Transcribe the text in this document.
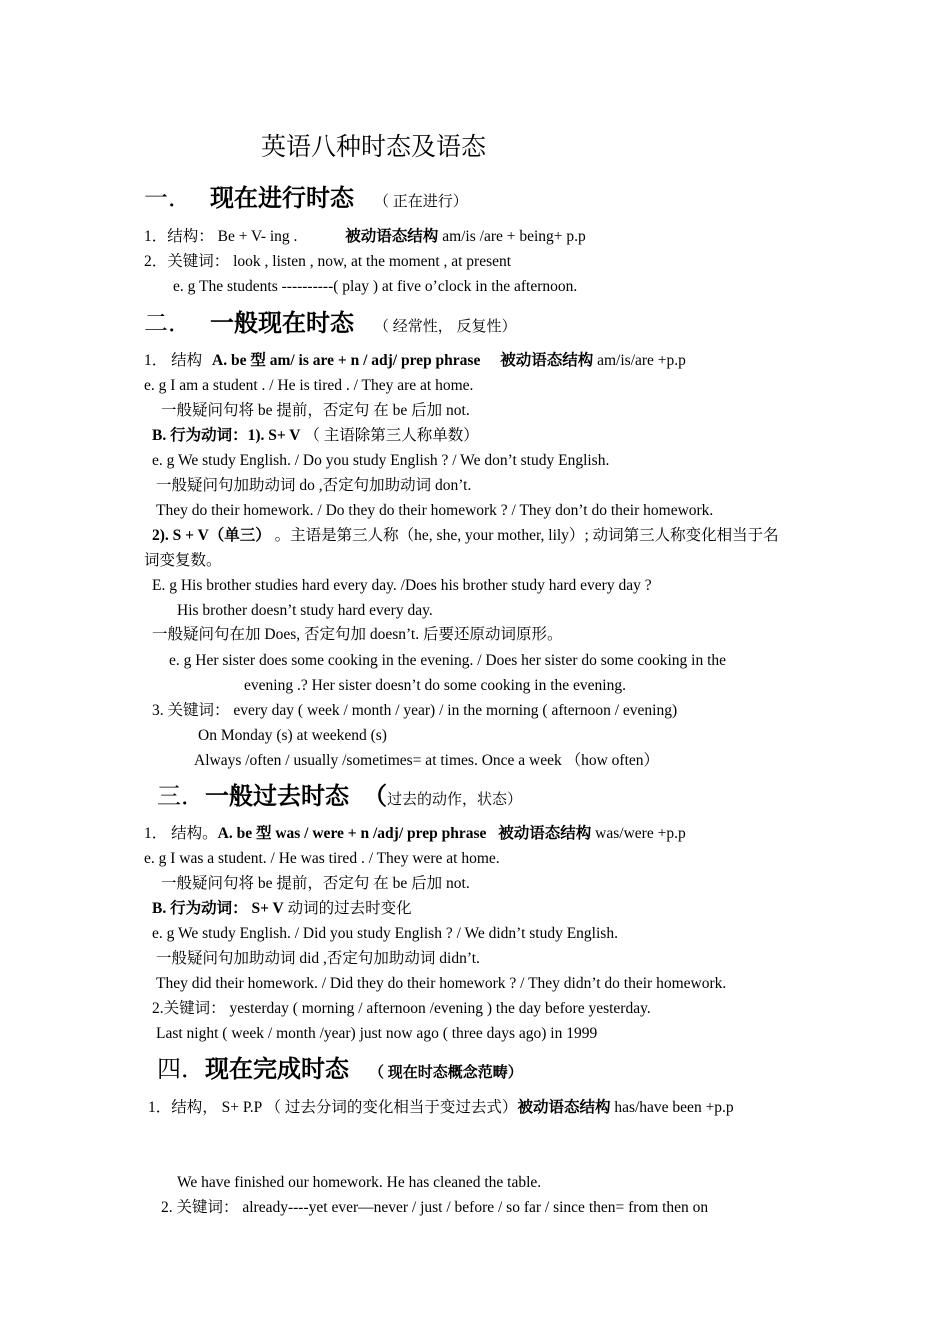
英语八种时态及语态
一． 现在进行时态 （ 正在进行）
1．结构： Be + V- ing .	被动语态结构 am/is /are + being+ p.p
2．关键词： look , listen , now, at the moment , at present
e. g The students ----------( play ) at five o’clock in the afternoon.
二． 一般现在时态 （ 经常性， 反复性）
1． 结构 A. be 型 am/ is are + n / adj/ prep phrase 被动语态结构 am/is/are +p.p
e. g I am a student . / He is tired . / They are at home.
一般疑问句将 be 提前，否定句 在 be 后加 not.
B. 行为动词：1). S+ V （ 主语除第三人称单数）
e. g We study English. / Do you study English ? / We don’t study English.
一般疑问句加助动词 do ,否定句加助动词 don’t.
They do their homework. / Do they do their homework ? / They don’t do their homework.
2). S + V（单三） 。主语是第三人称（he, she, your mother, lily）; 动词第三人称变化相当于名
词变复数。
E. g His brother studies hard every day. /Does his brother study hard every day ?
His brother doesn’t study hard every day.
一般疑问句在加 Does, 否定句加 doesn’t. 后要还原动词原形。
e. g Her sister does some cooking in the evening. / Does her sister do some cooking in the
evening .? Her sister doesn’t do some cooking in the evening.
3. 关键词： every day ( week / month / year) / in the morning ( afternoon / evening)
On Monday (s) at weekend (s)
Always /often / usually /sometimes= at times. Once a week （how often）
三．一般过去时态 （过去的动作，状态）
1． 结构。A. be 型 was / were + n /adj/ prep phrase 被动语态结构 was/were +p.p
e. g I was a student. / He was tired . / They were at home.
一般疑问句将 be 提前，否定句 在 be 后加 not.
B. 行为动词： S+ V 动词的过去时变化
e. g We study English. / Did you study English ? / We didn’t study English.
一般疑问句加助动词 did ,否定句加助动词 didn’t.
They did their homework. / Did they do their homework ? / They didn’t do their homework.
2.关键词： yesterday ( morning / afternoon /evening ) the day before yesterday.
Last night ( week / month /year) just now ago ( three days ago) in 1999
四．现在完成时态 （ 现在时态概念范畴）
1．结构， S+ P.P （ 过去分词的变化相当于变过去式）被动语态结构 has/have been +p.p
We have finished our homework. He has cleaned the table.
2. 关键词： already----yet ever—never / just / before / so far / since then= from then on
